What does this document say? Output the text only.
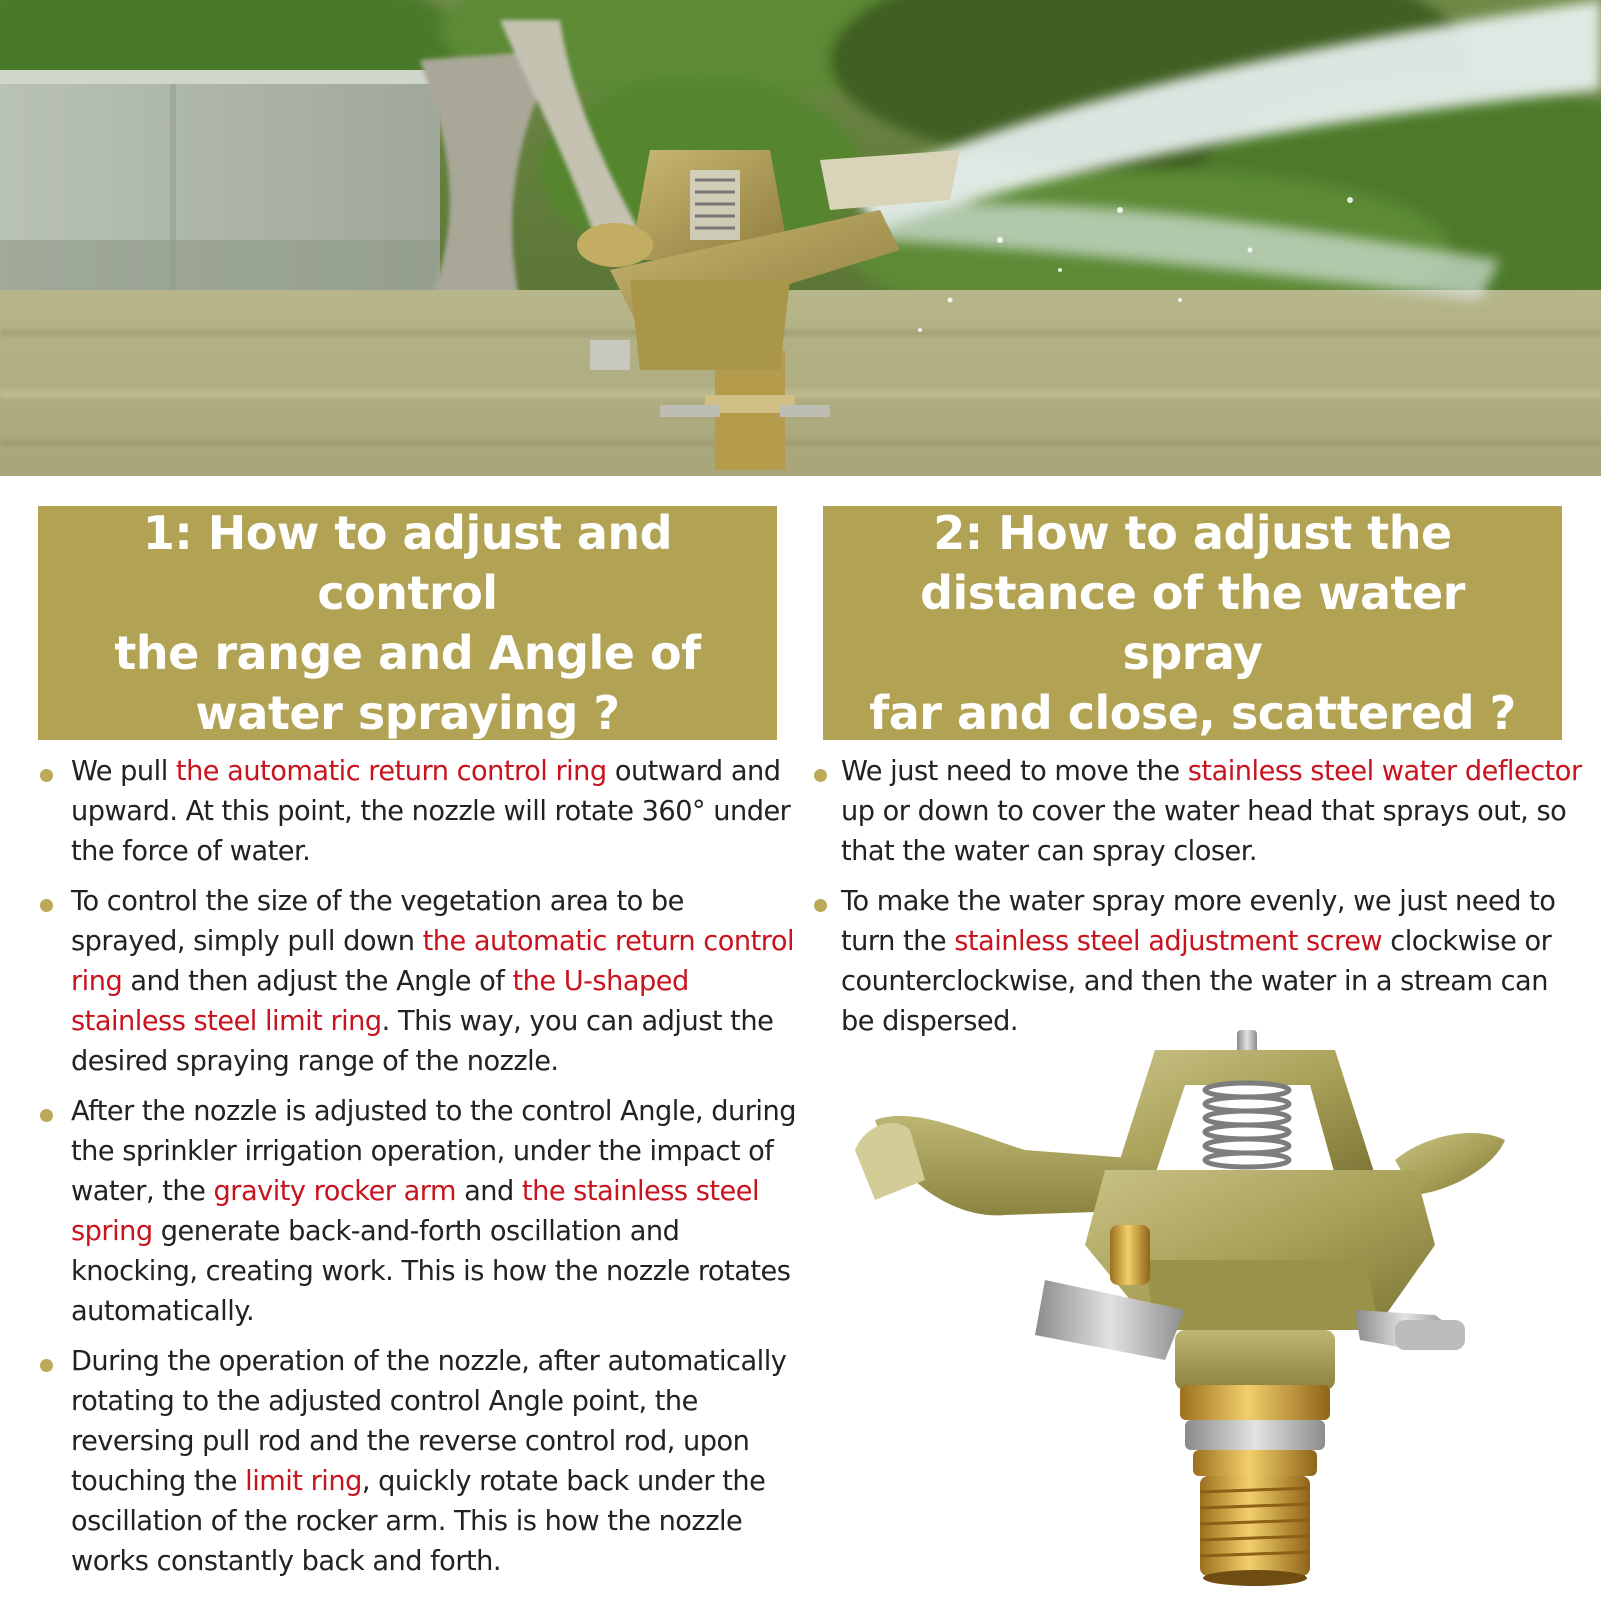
1: How to adjust and control
the range and Angle of
water spraying ?
2: How to adjust the
distance of the water spray
far and close, scattered ?
We pull the automatic return control ring outward and upward. At this point, the nozzle will rotate 360° under the force of water.
To control the size of the vegetation area to be sprayed, simply pull down the automatic return control ring and then adjust the Angle of the U-shaped stainless steel limit ring. This way, you can adjust the desired spraying range of the nozzle.
After the nozzle is adjusted to the control Angle, during the sprinkler irrigation operation, under the impact of water, the gravity rocker arm and the stainless steel spring generate back-and-forth oscillation and knocking, creating work. This is how the nozzle rotates automatically.
During the operation of the nozzle, after automatically rotating to the adjusted control Angle point, the reversing pull rod and the reverse control rod, upon touching the limit ring, quickly rotate back under the oscillation of the rocker arm. This is how the nozzle works constantly back and forth.
We just need to move the stainless steel water deflector up or down to cover the water head that sprays out, so that the water can spray closer.
To make the water spray more evenly, we just need to turn the stainless steel adjustment screw clockwise or counterclockwise, and then the water in a stream can be dispersed.
